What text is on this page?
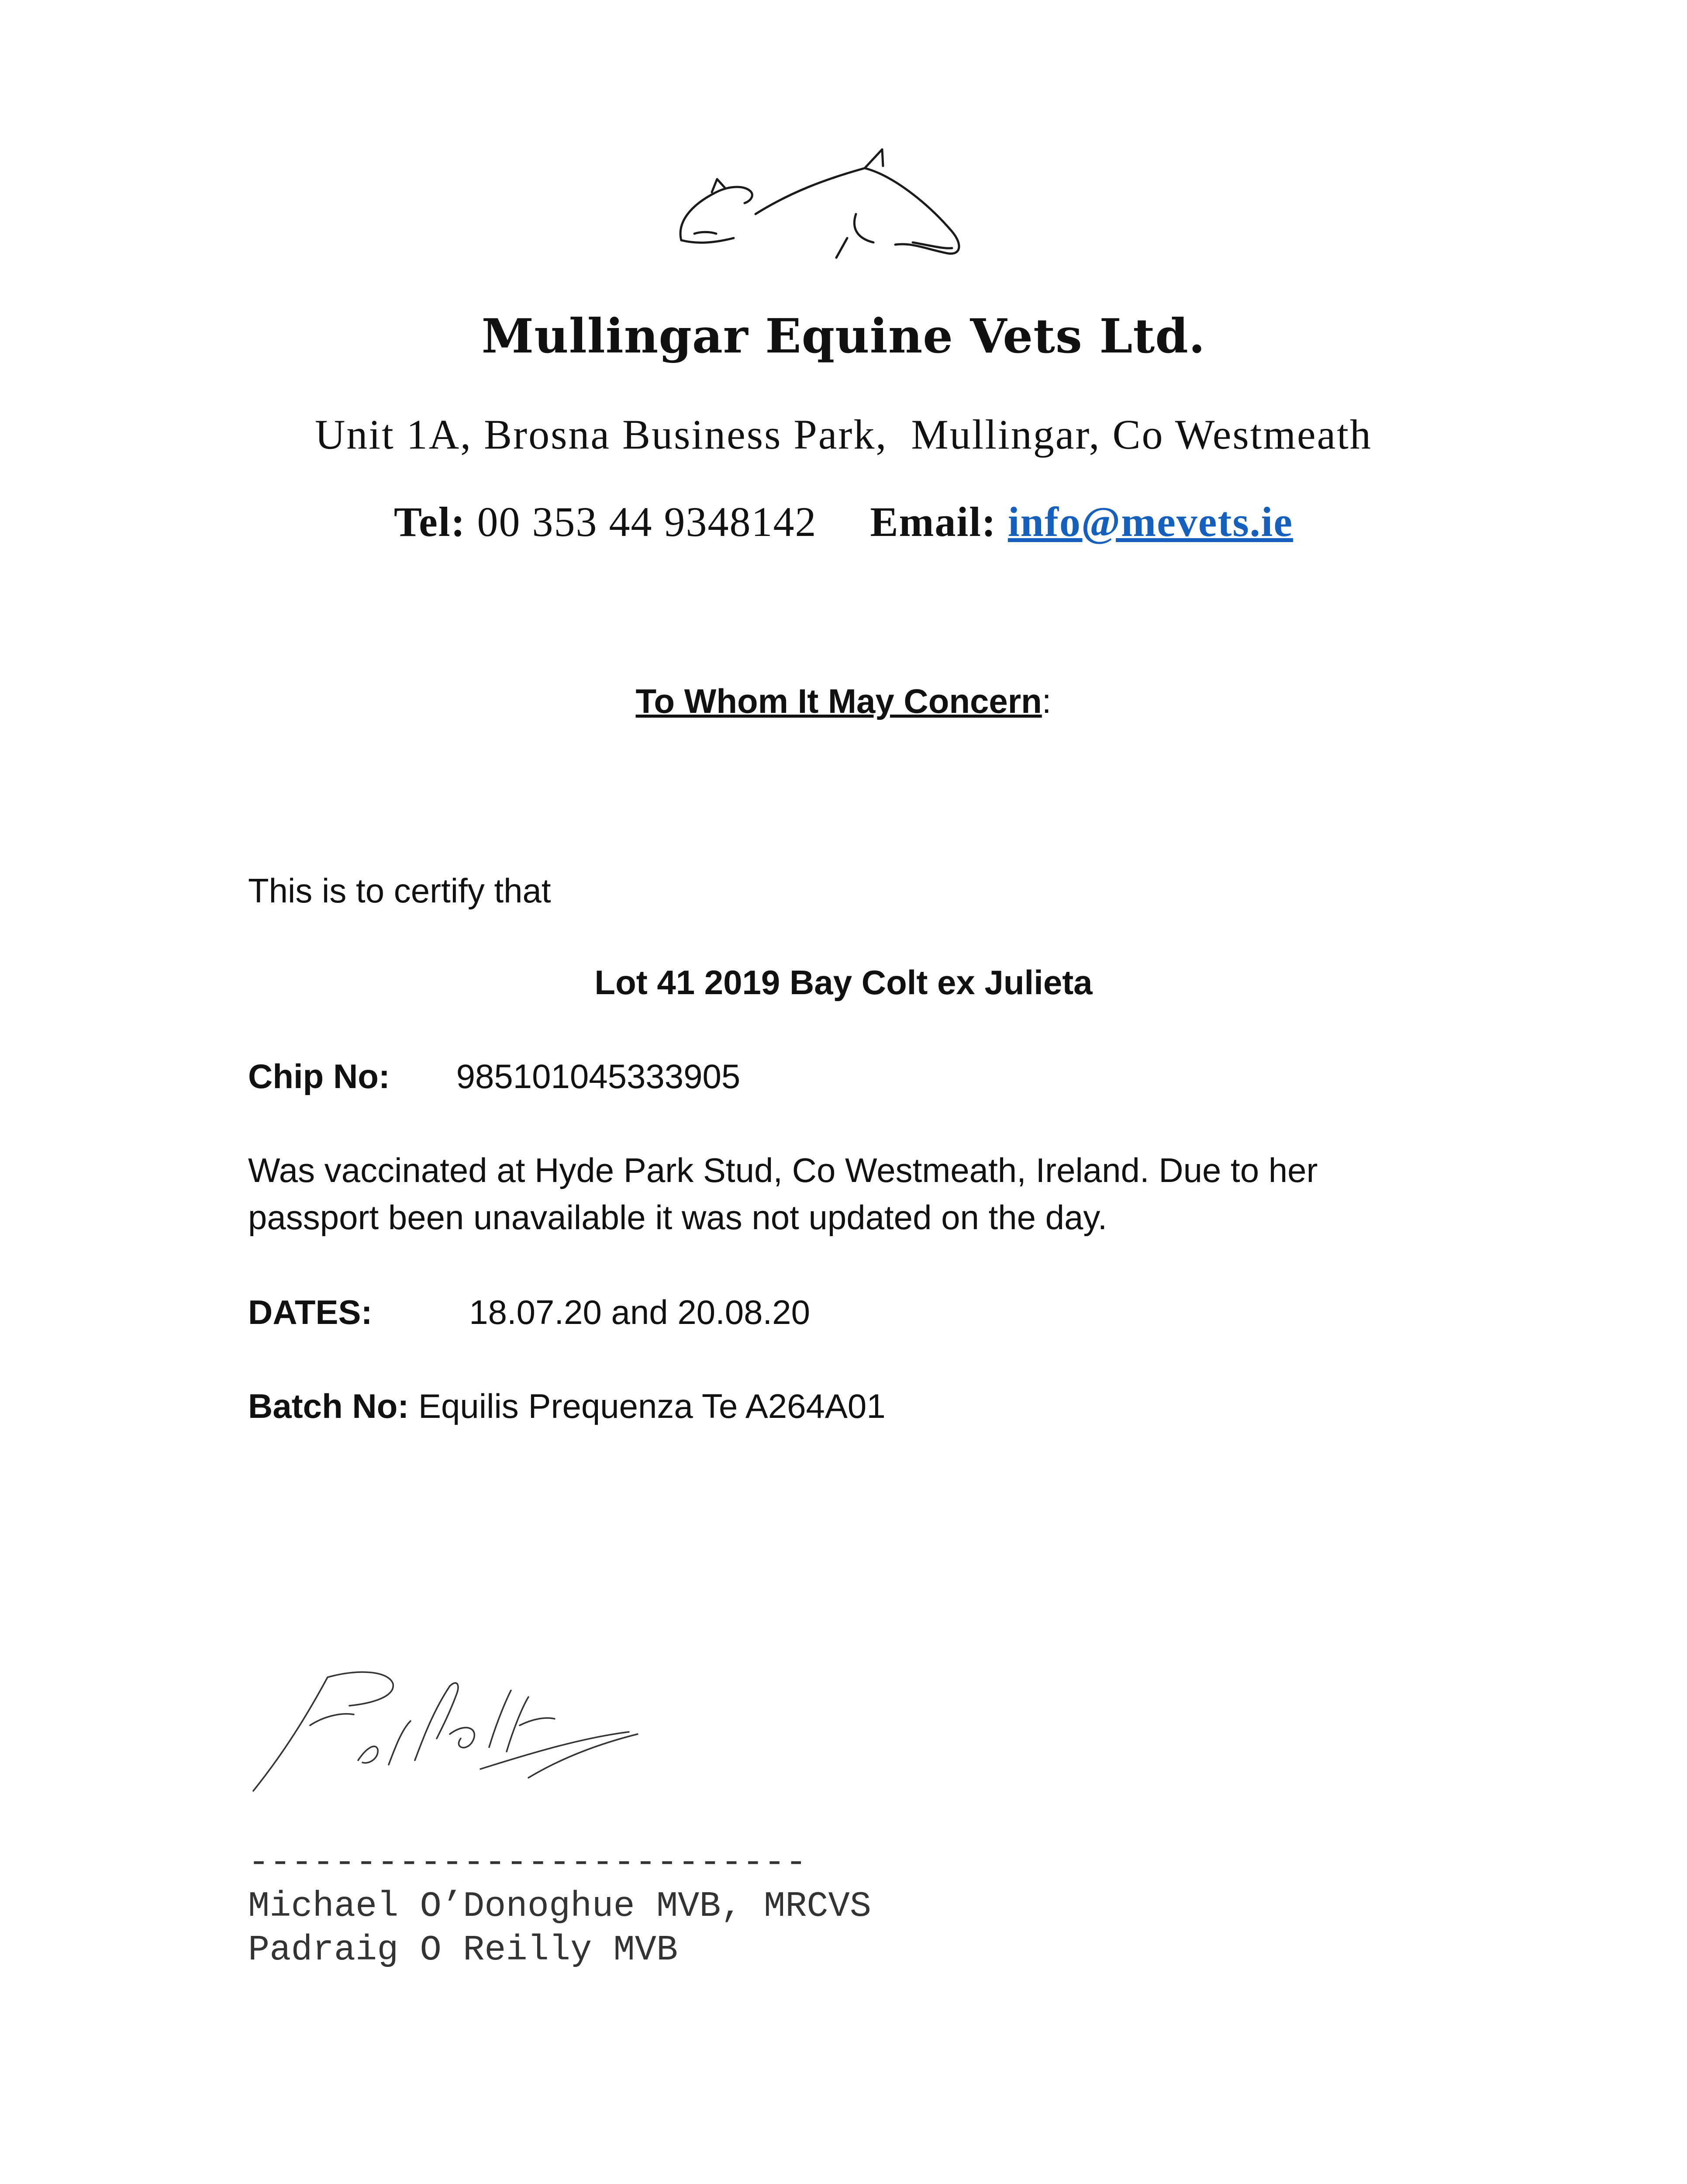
Mullingar Equine Vets Ltd.
Unit 1A, Brosna Business Park,  Mullingar, Co Westmeath
Tel: 00 353 44 9348142 Email: info@mevets.ie
To Whom It May Concern:
This is to certify that
Lot 41 2019 Bay Colt ex Julieta
Chip No: 985101045333905
Was vaccinated at Hyde Park Stud, Co Westmeath, Ireland. Due to her
passport been unavailable it was not updated on the day.
DATES:	18.07.20 and 20.08.20
Batch No: Equilis Prequenza Te A264A01
--------------------------
Michael O’Donoghue MVB, MRCVS
Padraig O Reilly MVB
